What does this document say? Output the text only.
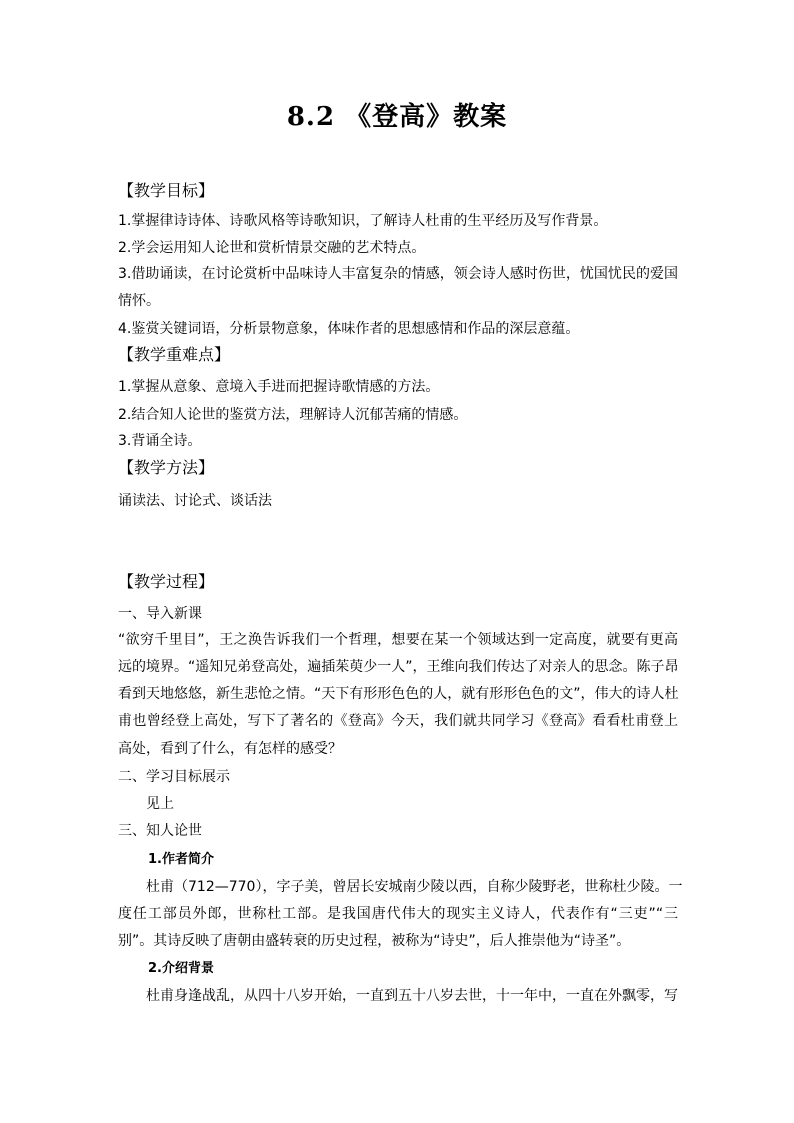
8.2 《登高》教案
【教学目标】
1.掌握律诗诗体、诗歌风格等诗歌知识，了解诗人杜甫的生平经历及写作背景。
2.学会运用知人论世和赏析情景交融的艺术特点。
3.借助诵读，在讨论赏析中品味诗人丰富复杂的情感，领会诗人感时伤世，忧国忧民的爱国
情怀。
4.鉴赏关键词语，分析景物意象，体味作者的思想感情和作品的深层意蕴。
【教学重难点】
1.掌握从意象、意境入手进而把握诗歌情感的方法。
2.结合知人论世的鉴赏方法，理解诗人沉郁苦痛的情感。
3.背诵全诗。
【教学方法】
诵读法、讨论式、谈话法
【教学过程】
一、导入新课
“欲穷千里目”，王之涣告诉我们一个哲理，想要在某一个领域达到一定高度，就要有更高
远的境界。“遥知兄弟登高处，遍插茱萸少一人”，王维向我们传达了对亲人的思念。陈子昂
看到天地悠悠，新生悲怆之情。“天下有形形色色的人，就有形形色色的文”，伟大的诗人杜
甫也曾经登上高处，写下了著名的《登高》今天，我们就共同学习《登高》看看杜甫登上
高处，看到了什么，有怎样的感受？
二、学习目标展示
见上
三、知人论世
1.作者简介
杜甫（712—770），字子美，曾居长安城南少陵以西，自称少陵野老，世称杜少陵。一
度任工部员外郎，世称杜工部。是我国唐代伟大的现实主义诗人，代表作有“三吏”“三
别”。其诗反映了唐朝由盛转衰的历史过程，被称为“诗史”，后人推崇他为“诗圣”。
2.介绍背景
杜甫身逢战乱，从四十八岁开始，一直到五十八岁去世，十一年中，一直在外飘零，写
